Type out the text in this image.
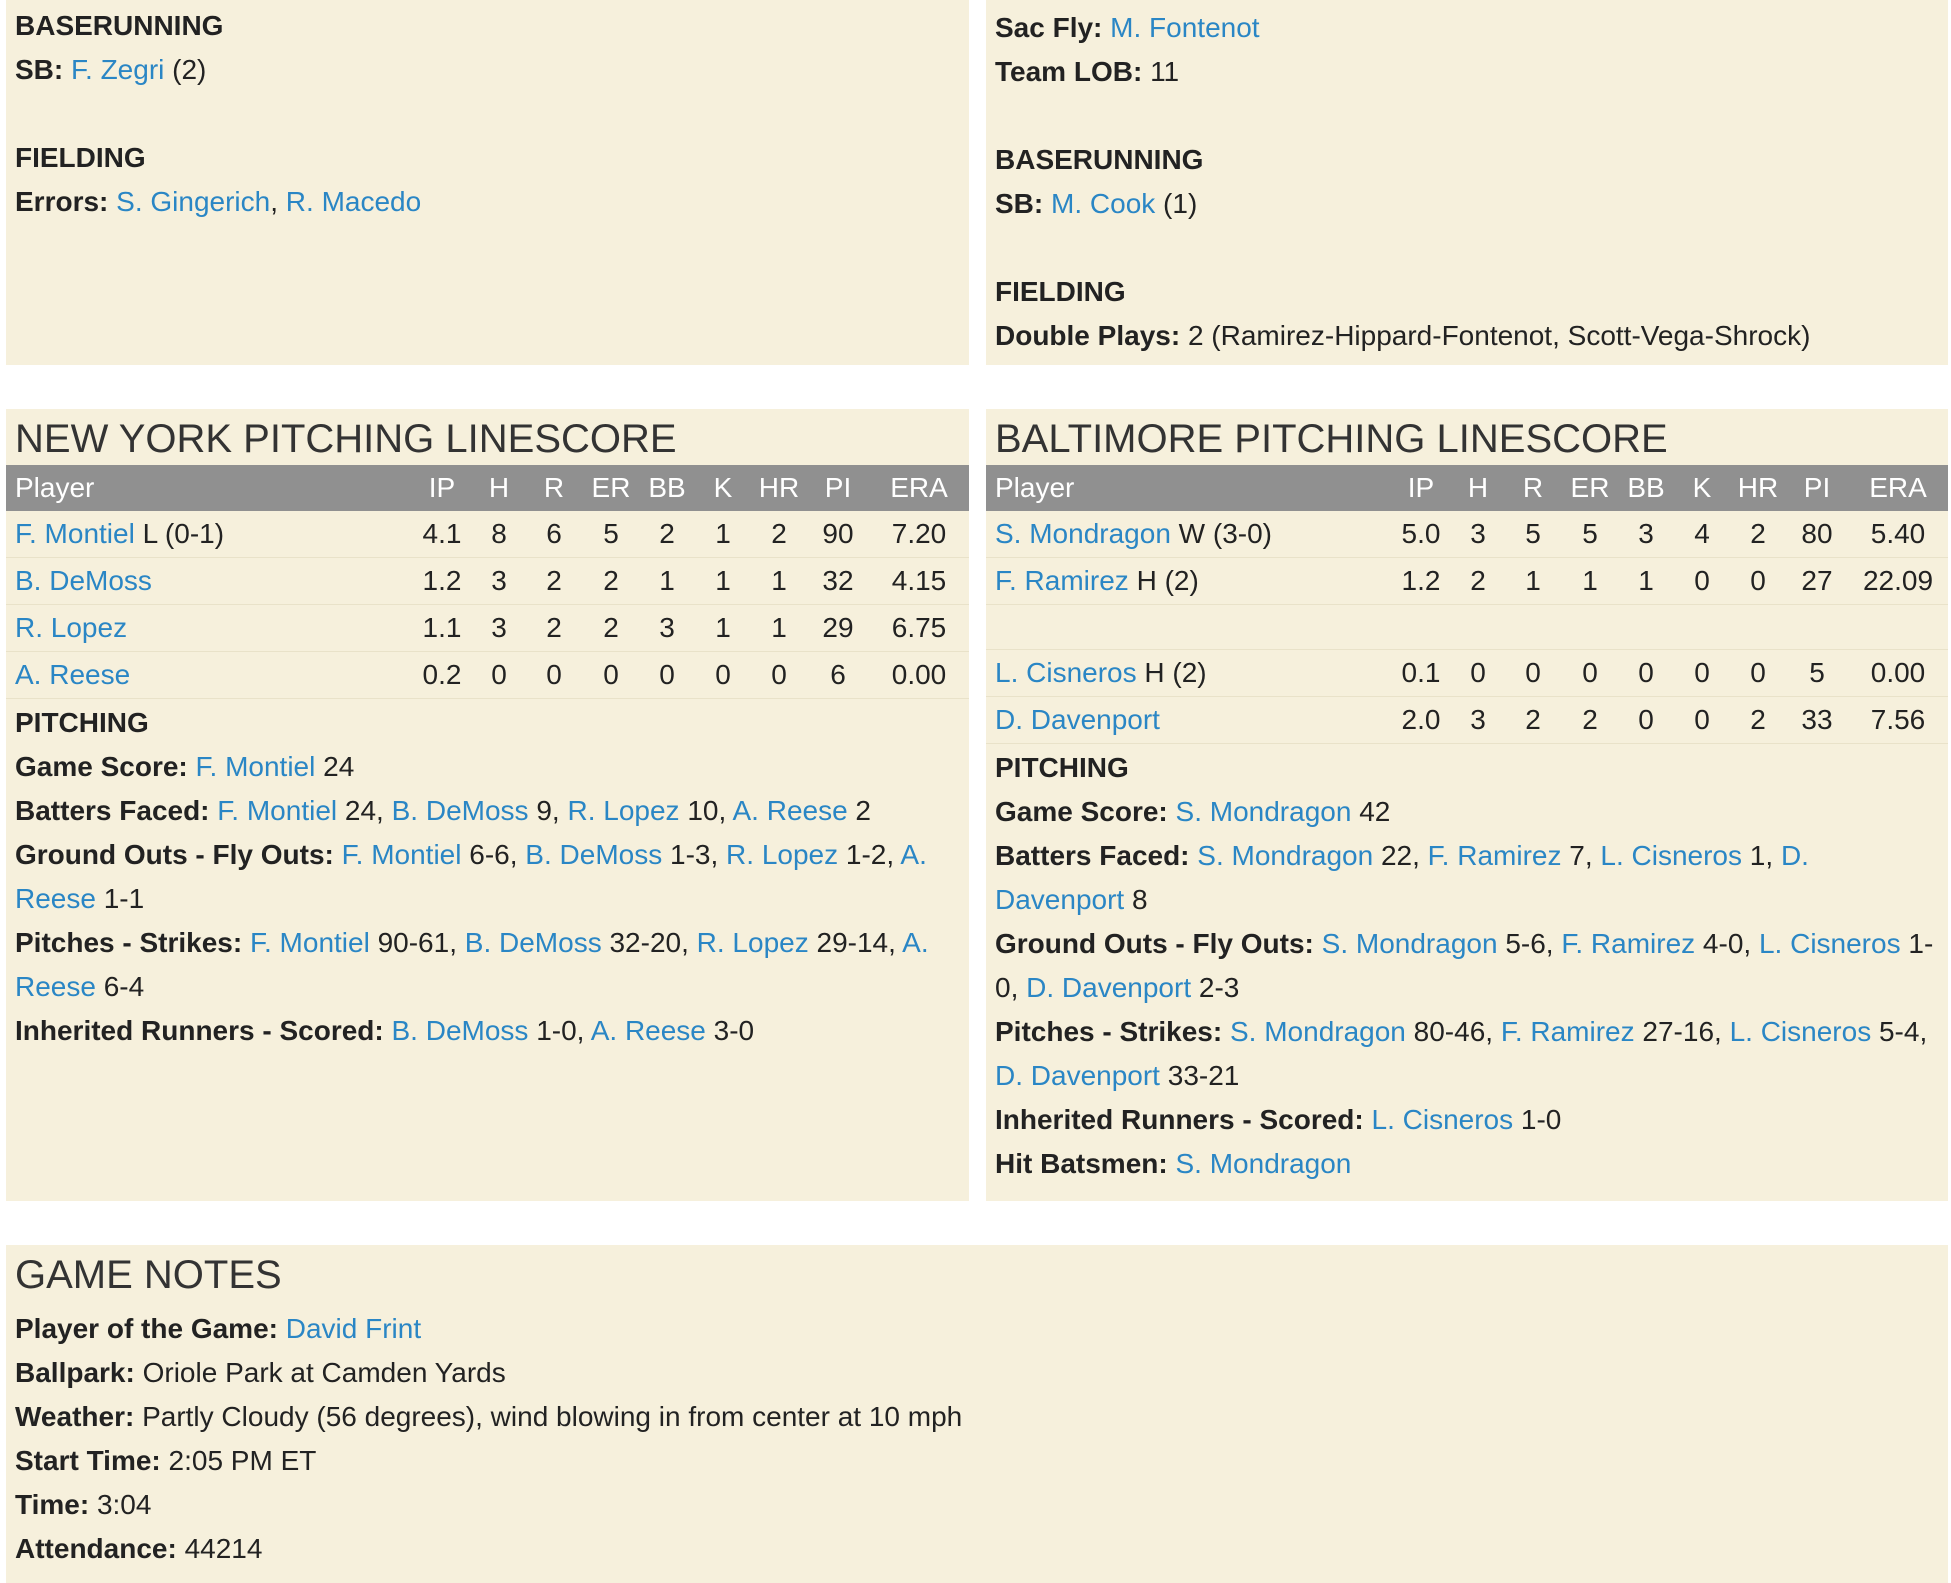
BASERUNNING

SB: F. Zegri (2)

FIELDING

Errors: S. Gingerich, R. Macedo

Sac Fly: M. Fontenot

Team LOB: 11

BASERUNNING

SB: M. Cook (1)

FIELDING

Double Plays: 2 (Ramirez-Hippard-Fontenot, Scott-Vega-Shrock)

NEW YORK PITCHING LINESCORE
Player	IP	H	R	ER	BB	K	HR	PI	ERA
F. Montiel L (0-1)	4.1	8	6	5	2	1	2	90	7.20
B. DeMoss	1.2	3	2	2	1	1	1	32	4.15
R. Lopez	1.1	3	2	2	3	1	1	29	6.75
A. Reese	0.2	0	0	0	0	0	0	6	0.00

PITCHING

Game Score: F. Montiel 24

Batters Faced: F. Montiel 24, B. DeMoss 9, R. Lopez 10, A. Reese 2

Ground Outs - Fly Outs: F. Montiel 6-6, B. DeMoss 1-3, R. Lopez 1-2, A. Reese 1-1

Pitches - Strikes: F. Montiel 90-61, B. DeMoss 32-20, R. Lopez 29-14, A. Reese 6-4

Inherited Runners - Scored: B. DeMoss 1-0, A. Reese 3-0

BALTIMORE PITCHING LINESCORE
Player	IP	H	R	ER	BB	K	HR	PI	ERA
S. Mondragon W (3-0)	5.0	3	5	5	3	4	2	80	5.40
F. Ramirez H (2)	1.2	2	1	1	1	0	0	27	22.09

L. Cisneros H (2)	0.1	0	0	0	0	0	0	5	0.00
D. Davenport	2.0	3	2	2	0	0	2	33	7.56

PITCHING

Game Score: S. Mondragon 42

Batters Faced: S. Mondragon 22, F. Ramirez 7, L. Cisneros 1, D. Davenport 8

Ground Outs - Fly Outs: S. Mondragon 5-6, F. Ramirez 4-0, L. Cisneros 1-0, D. Davenport 2-3

Pitches - Strikes: S. Mondragon 80-46, F. Ramirez 27-16, L. Cisneros 5-4, D. Davenport 33-21

Inherited Runners - Scored: L. Cisneros 1-0

Hit Batsmen: S. Mondragon

GAME NOTES

Player of the Game: David Frint

Ballpark: Oriole Park at Camden Yards

Weather: Partly Cloudy (56 degrees), wind blowing in from center at 10 mph

Start Time: 2:05 PM ET

Time: 3:04

Attendance: 44214
